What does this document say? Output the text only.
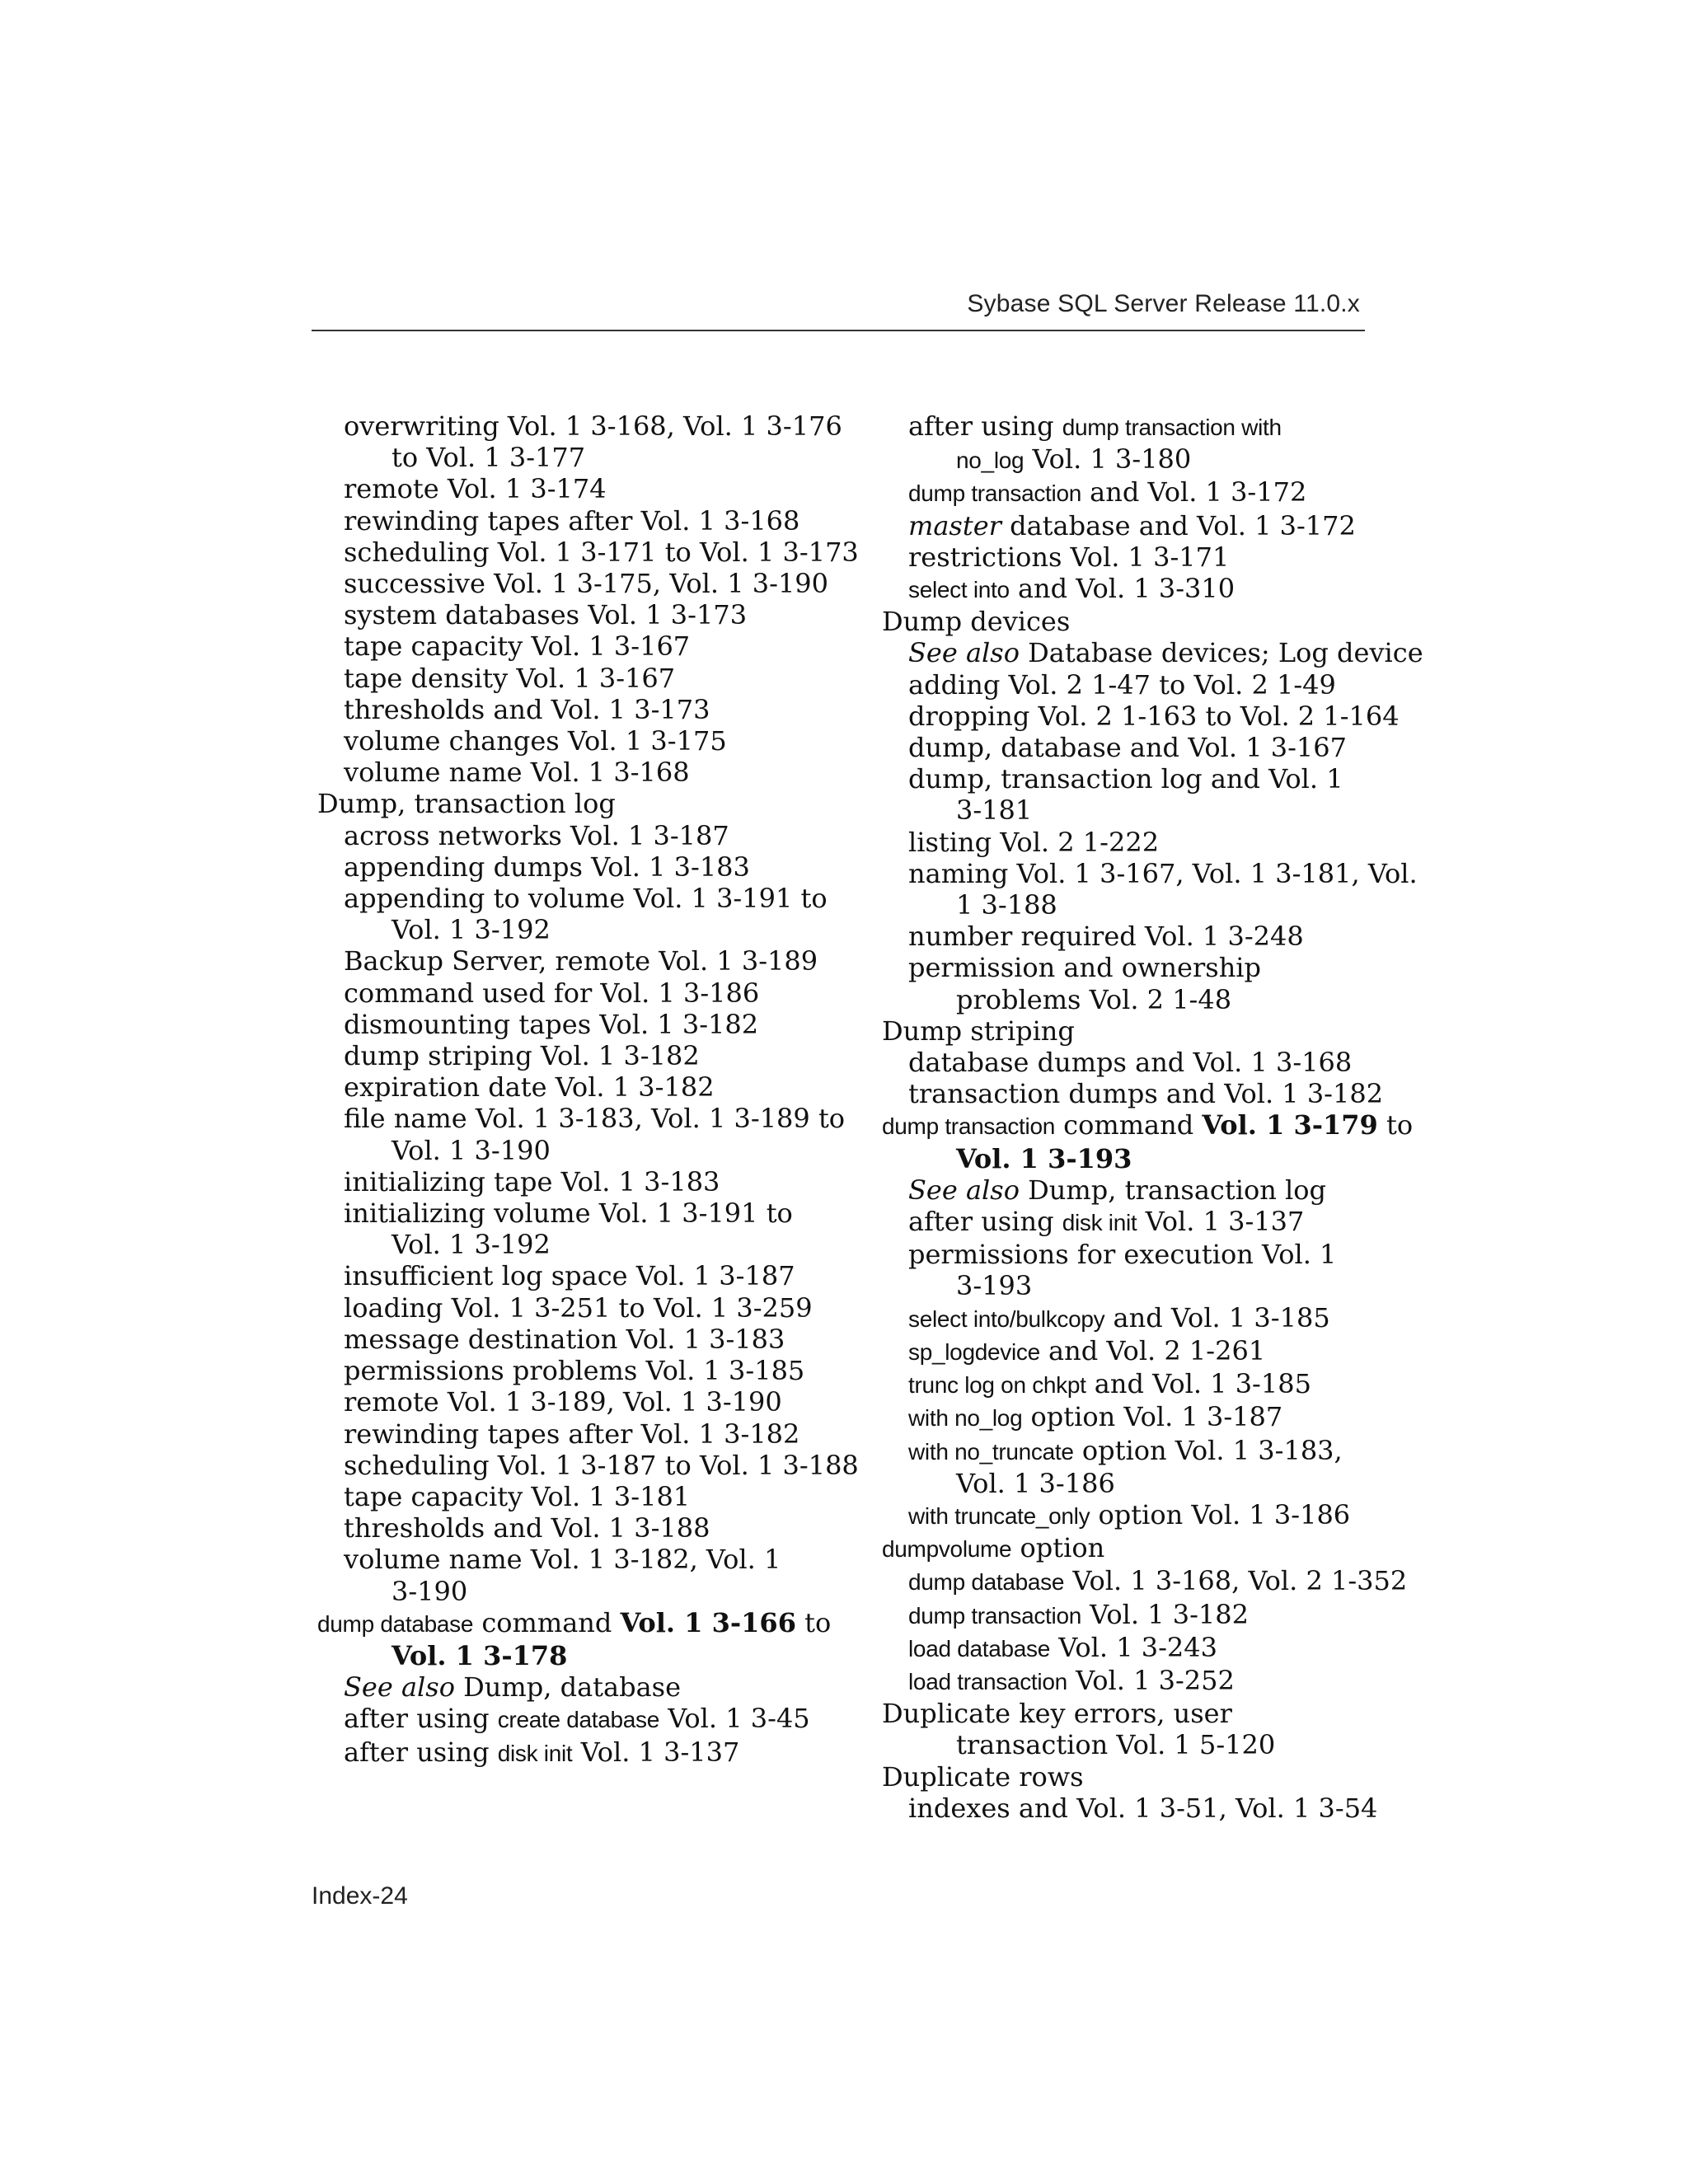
Sybase SQL Server Release 11.0.x
overwriting Vol. 1 3-168, Vol. 1 3-176
to Vol. 1 3-177
remote Vol. 1 3-174
rewinding tapes after Vol. 1 3-168
scheduling Vol. 1 3-171 to Vol. 1 3-173
successive Vol. 1 3-175, Vol. 1 3-190
system databases Vol. 1 3-173
tape capacity Vol. 1 3-167
tape density Vol. 1 3-167
thresholds and Vol. 1 3-173
volume changes Vol. 1 3-175
volume name Vol. 1 3-168
Dump, transaction log
across networks Vol. 1 3-187
appending dumps Vol. 1 3-183
appending to volume Vol. 1 3-191 to
Vol. 1 3-192
Backup Server, remote Vol. 1 3-189
command used for Vol. 1 3-186
dismounting tapes Vol. 1 3-182
dump striping Vol. 1 3-182
expiration date Vol. 1 3-182
file name Vol. 1 3-183, Vol. 1 3-189 to
Vol. 1 3-190
initializing tape Vol. 1 3-183
initializing volume Vol. 1 3-191 to
Vol. 1 3-192
insufficient log space Vol. 1 3-187
loading Vol. 1 3-251 to Vol. 1 3-259
message destination Vol. 1 3-183
permissions problems Vol. 1 3-185
remote Vol. 1 3-189, Vol. 1 3-190
rewinding tapes after Vol. 1 3-182
scheduling Vol. 1 3-187 to Vol. 1 3-188
tape capacity Vol. 1 3-181
thresholds and Vol. 1 3-188
volume name Vol. 1 3-182, Vol. 1
3-190
dump database command Vol. 1 3-166 to
Vol. 1 3-178
See also Dump, database
after using create database Vol. 1 3-45
after using disk init Vol. 1 3-137
after using dump transaction with
no_log Vol. 1 3-180
dump transaction and Vol. 1 3-172
master database and Vol. 1 3-172
restrictions Vol. 1 3-171
select into and Vol. 1 3-310
Dump devices
See also Database devices; Log device
adding Vol. 2 1-47 to Vol. 2 1-49
dropping Vol. 2 1-163 to Vol. 2 1-164
dump, database and Vol. 1 3-167
dump, transaction log and Vol. 1
3-181
listing Vol. 2 1-222
naming Vol. 1 3-167, Vol. 1 3-181, Vol.
1 3-188
number required Vol. 1 3-248
permission and ownership
problems Vol. 2 1-48
Dump striping
database dumps and Vol. 1 3-168
transaction dumps and Vol. 1 3-182
dump transaction command Vol. 1 3-179 to
Vol. 1 3-193
See also Dump, transaction log
after using disk init Vol. 1 3-137
permissions for execution Vol. 1
3-193
select into/bulkcopy and Vol. 1 3-185
sp_logdevice and Vol. 2 1-261
trunc log on chkpt and Vol. 1 3-185
with no_log option Vol. 1 3-187
with no_truncate option Vol. 1 3-183,
Vol. 1 3-186
with truncate_only option Vol. 1 3-186
dumpvolume option
dump database Vol. 1 3-168, Vol. 2 1-352
dump transaction Vol. 1 3-182
load database Vol. 1 3-243
load transaction Vol. 1 3-252
Duplicate key errors, user
transaction Vol. 1 5-120
Duplicate rows
indexes and Vol. 1 3-51, Vol. 1 3-54
Index-24
